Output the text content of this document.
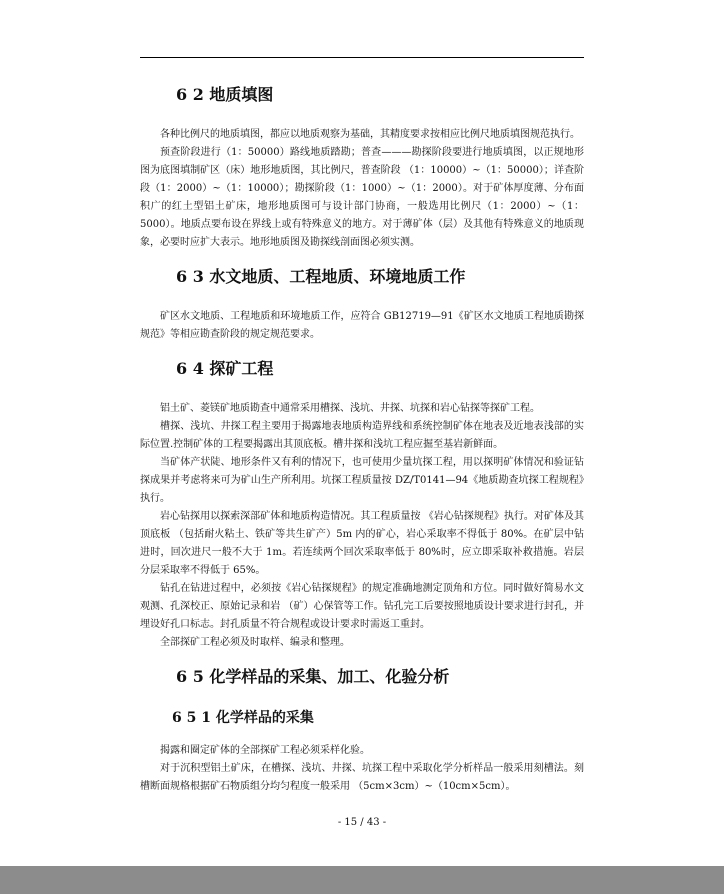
6 2 地质填图

各种比例尺的地质填图，都应以地质观察为基础，其精度要求按相应比例尺地质填图规范执行。

预查阶段进行（1：50000）路线地质踏勘；普查———勘探阶段要进行地质填图，以正规地形图为底图填制矿区（床）地形地质图，其比例尺，普查阶段 （1：10000）~（1：50000）；详查阶段（1：2000）~（1：10000）；勘探阶段（1：1000）~（1：2000）。对于矿体厚度薄、分布面积广的红土型铝土矿床，地形地质图可与设计部门协商，一般选用比例尺（1：2000）~（1：5000）。地质点要布设在界线上或有特殊意义的地方。对于薄矿体（层）及其他有特殊意义的地质现象，必要时应扩大表示。地形地质图及勘探线剖面图必须实测。

6 3 水文地质、工程地质、环境地质工作

矿区水文地质、工程地质和环境地质工作，应符合 GB12719—91《矿区水文地质工程地质勘探规范》等相应勘查阶段的规定规范要求。

6 4 探矿工程

铝土矿、菱镁矿地质勘查中通常采用槽探、浅坑、井探、坑探和岩心钻探等探矿工程。

槽探、浅坑、井探工程主要用于揭露地表地质构造界线和系统控制矿体在地表及近地表浅部的实际位置.控制矿体的工程要揭露出其顶底板。槽井探和浅坑工程应掘至基岩新鲜面。

当矿体产状陡、地形条件又有利的情况下，也可使用少量坑探工程，用以探明矿体情况和验证钻探成果并考虑将来可为矿山生产所利用。坑探工程质量按 DZ/T0141—94《地质勘查坑探工程规程》执行。

岩心钻探用以探索深部矿体和地质构造情况。其工程质量按 《岩心钻探规程》执行。对矿体及其顶底板 （包括耐火粘土、铁矿等共生矿产）5m 内的矿心，岩心采取率不得低于 80%。在矿层中钻进时，回次进尺一般不大于 1m。若连续两个回次采取率低于 80%时，应立即采取补救措施。岩层分层采取率不得低于 65%。

钻孔在钻进过程中，必须按《岩心钻探规程》的规定准确地测定顶角和方位。同时做好简易水文观测、孔深校正、原始记录和岩 （矿）心保管等工作。钻孔完工后要按照地质设计要求进行封孔，并埋设好孔口标志。封孔质量不符合规程或设计要求时需返工重封。

全部探矿工程必须及时取样、编录和整理。

6 5 化学样品的采集、加工、化验分析
6 5 1 化学样品的采集

揭露和圈定矿体的全部探矿工程必须采样化验。

对于沉积型铝土矿床，在槽探、浅坑、井探、坑探工程中采取化学分析样品一般采用刻槽法。刻槽断面规格根据矿石物质组分均匀程度一般采用 （5cm×3cm）~（10cm×5cm）。

- 15 / 43 -
